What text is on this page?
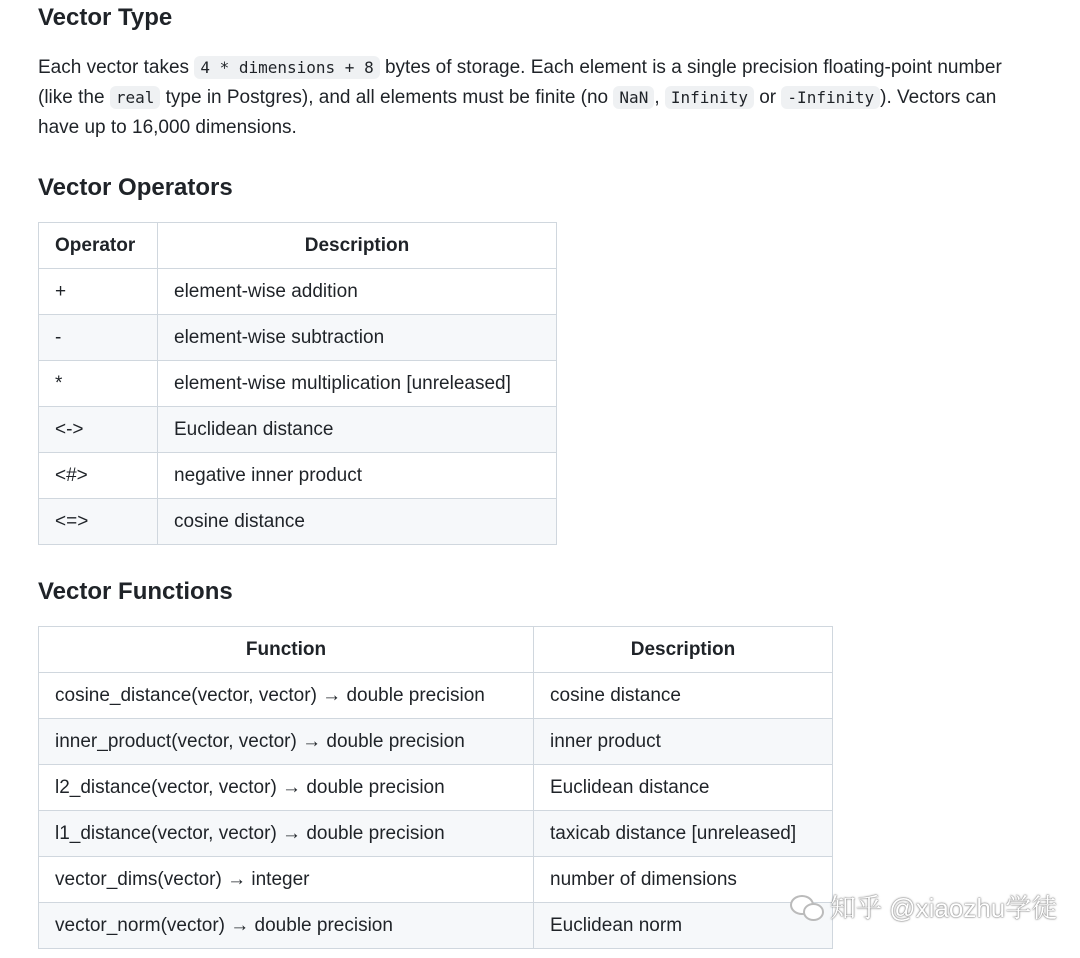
Vector Type

Each vector takes 4 * dimensions + 8 bytes of storage. Each element is a single precision floating-point number (like the real type in Postgres), and all elements must be finite (no NaN , Infinity or -Infinity ). Vectors can have up to 16,000 dimensions.

Vector Operators
Operator	Description
+	element-wise addition
-	element-wise subtraction
*	element-wise multiplication [unreleased]
<->	Euclidean distance
<#>	negative inner product
<=>	cosine distance
Vector Functions
Function	Description
cosine_distance(vector, vector) → double precision	cosine distance
inner_product(vector, vector) → double precision	inner product
l2_distance(vector, vector) → double precision	Euclidean distance
l1_distance(vector, vector) → double precision	taxicab distance [unreleased]
vector_dims(vector) → integer	number of dimensions
vector_norm(vector) → double precision	Euclidean norm
知乎 @xiaozhu学徒
